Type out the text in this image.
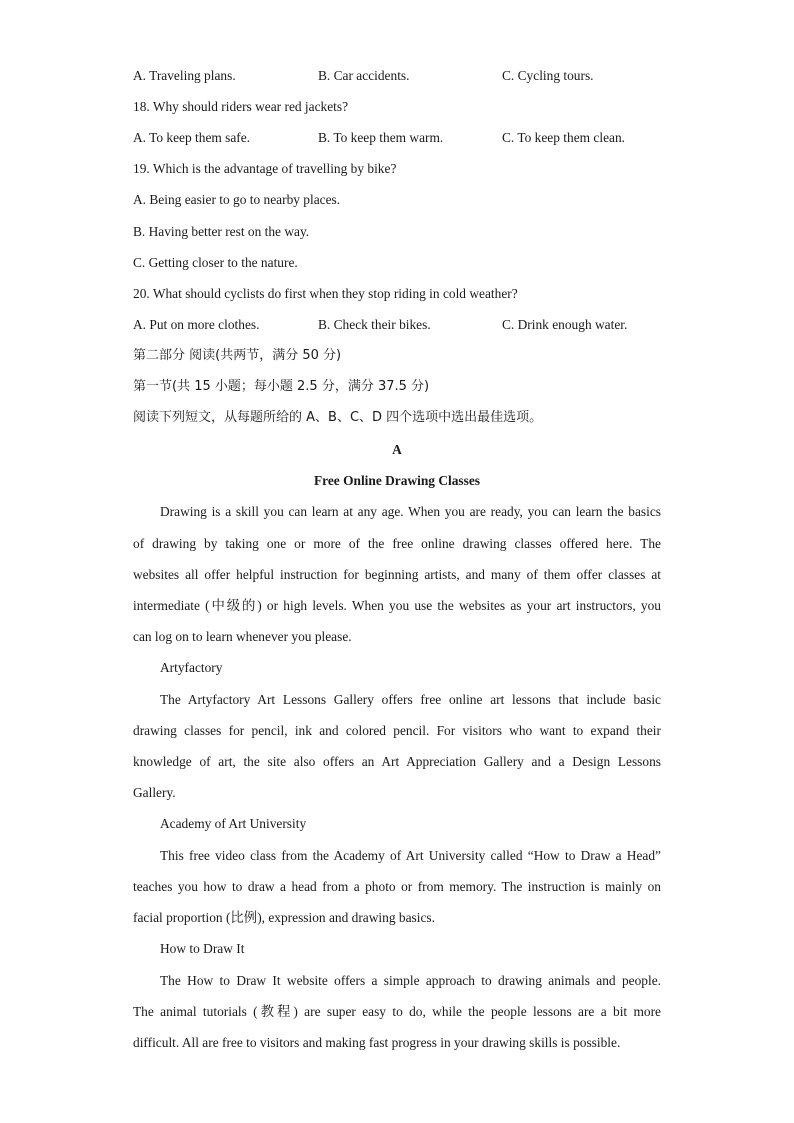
A. Traveling plans.	B. Car accidents.	C. Cycling tours.
18. Why should riders wear red jackets?
A. To keep them safe.	B. To keep them warm.	C. To keep them clean.
19. Which is the advantage of travelling by bike?
A. Being easier to go to nearby places.
B. Having better rest on the way.
C. Getting closer to the nature.
20. What should cyclists do first when they stop riding in cold weather?
A. Put on more clothes.	B. Check their bikes.	C. Drink enough water.
第二部分 阅读(共两节，满分 50 分)
第一节(共 15 小题；每小题 2.5 分，满分 37.5 分)
阅读下列短文，从每题所给的 A、B、C、D 四个选项中选出最佳选项。
A
Free Online Drawing Classes
Drawing is a skill you can learn at any age. When you are ready, you can learn the basics
of drawing by taking one or more of the free online drawing classes offered here. The
websites all offer helpful instruction for beginning artists, and many of them offer classes at
intermediate (中级的) or high levels. When you use the websites as your art instructors, you
can log on to learn whenever you please.
Artyfactory
The Artyfactory Art Lessons Gallery offers free online art lessons that include basic
drawing classes for pencil, ink and colored pencil. For visitors who want to expand their
knowledge of art, the site also offers an Art Appreciation Gallery and a Design Lessons
Gallery.
Academy of Art University
This free video class from the Academy of Art University called “How to Draw a Head”
teaches you how to draw a head from a photo or from memory. The instruction is mainly on
facial proportion (比例), expression and drawing basics.
How to Draw It
The How to Draw It website offers a simple approach to drawing animals and people.
The animal tutorials (教程) are super easy to do, while the people lessons are a bit more
difficult. All are free to visitors and making fast progress in your drawing skills is possible.
